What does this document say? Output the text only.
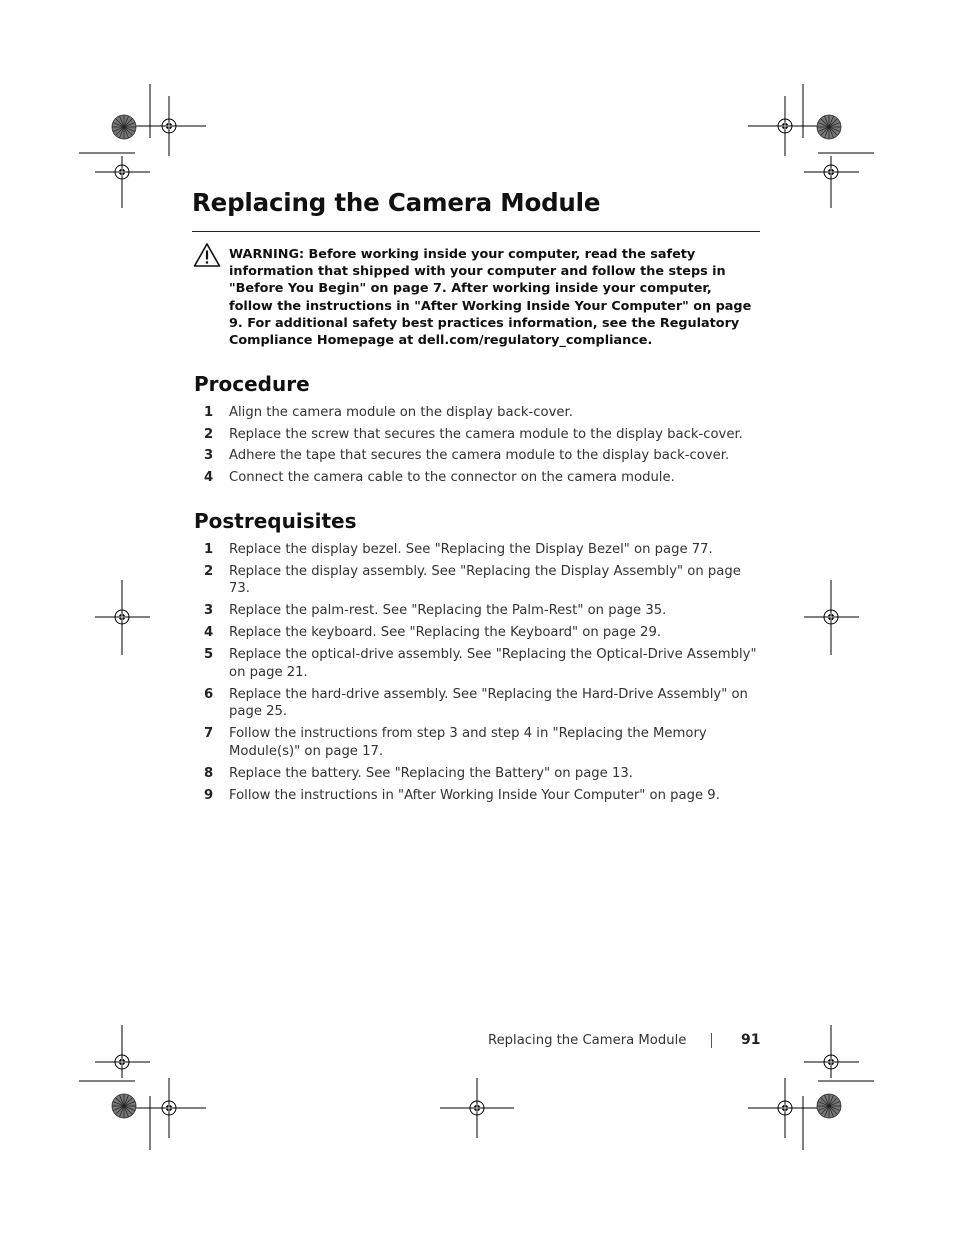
Replacing the Camera Module
WARNING: Before working inside your computer, read the safety information that shipped with your computer and follow the steps in "Before You Begin" on page 7. After working inside your computer, follow the instructions in "After Working Inside Your Computer" on page 9. For additional safety best practices information, see the Regulatory Compliance Homepage at dell.com/regulatory_compliance.
Procedure
1 Align the camera module on the display back-cover.
2 Replace the screw that secures the camera module to the display back-cover.
3 Adhere the tape that secures the camera module to the display back-cover.
4 Connect the camera cable to the connector on the camera module.
Postrequisites
1 Replace the display bezel. See "Replacing the Display Bezel" on page 77.
2 Replace the display assembly. See "Replacing the Display Assembly" on page 73.
3 Replace the palm-rest. See "Replacing the Palm-Rest" on page 35.
4 Replace the keyboard. See "Replacing the Keyboard" on page 29.
5 Replace the optical-drive assembly. See "Replacing the Optical-Drive Assembly" on page 21.
6 Replace the hard-drive assembly. See "Replacing the Hard-Drive Assembly" on page 25.
7 Follow the instructions from step 3 and step 4 in "Replacing the Memory Module(s)" on page 17.
8 Replace the battery. See "Replacing the Battery" on page 13.
9 Follow the instructions in "After Working Inside Your Computer" on page 9.
Replacing the Camera Module	91
